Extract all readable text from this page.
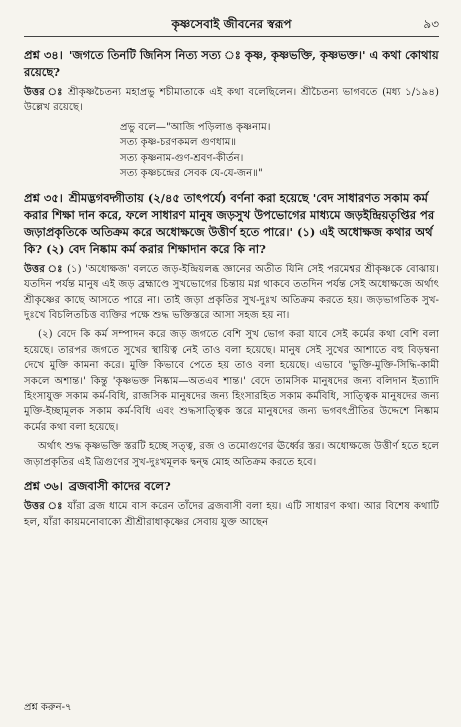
কৃষ্ণসেবাই জীবনের স্বরূপ	৯৩
প্রশ্ন ৩৪। 'জগতে তিনটি জিনিস নিত্য সত্য ঃ কৃষ্ণ, কৃষ্ণভক্তি, কৃষ্ণভক্ত।' এ কথা কোথায় রয়েছে?

উত্তর ঃ শ্রীকৃষ্ণচৈতন্য মহাপ্রভু শচীমাতাকে এই কথা বলেছিলেন। শ্রীচৈতন্য ভাগবতে (মধ্য ১/১৯৪) উল্লেখ রয়েছে।

প্রভু বলে—"আজি পড়িলাঙ কৃষ্ণনাম।
সত্য কৃষ্ণ-চরণকমল গুণধাম॥
সত্য কৃষ্ণনাম-গুণ-শ্রবণ-কীর্তন।
সত্য কৃষ্ণচন্দ্রের সেবক যে-যে-জন॥"
প্রশ্ন ৩৫। শ্রীমদ্ভগবদ্গীতায় (২/৪৫ তাৎপর্যে) বর্ণনা করা হয়েছে 'বেদ সাধারণত সকাম কর্ম করার শিক্ষা দান করে, ফলে সাধারণ মানুষ জড়সুখ উপভোগের মাধ্যমে জড়ইন্দ্রিয়তৃপ্তির পর জড়াপ্রকৃতিকে অতিক্রম করে অধোক্ষজে উত্তীর্ণ হতে পারে।' (১) এই অধোক্ষজ কথার অর্থ কি? (২) বেদ নিষ্কাম কর্ম করার শিক্ষাদান করে কি না?

উত্তর ঃ (১) 'অধোক্ষজ' বলতে জড়-ইন্দ্রিয়লব্ধ জ্ঞানের অতীত যিনি সেই পরমেশ্বর শ্রীকৃষ্ণকে বোঝায়। যতদিন পর্যন্ত মানুষ এই জড় ব্রহ্মাণ্ডে সুখভোগের চিন্তায় মগ্ন থাকবে ততদিন পর্যন্ত সেই অধোক্ষজে অর্থাৎ শ্রীকৃষ্ণের কাছে আসতে পারে না। তাই জড়া প্রকৃতির সুখ-দুঃখ অতিক্রম করতে হয়। জড়ভাগতিক সুখ-দুঃখে বিচলিতচিত্ত ব্যক্তির পক্ষে শুদ্ধ ভক্তিস্তরে আসা সহজ হয় না।

(২) বেদে কি কর্ম সম্পাদন করে জড় জগতে বেশি সুখ ভোগ করা যাবে সেই কর্মের কথা বেশি বলা হয়েছে। তারপর জগতে সুখের স্থায়িত্ব নেই তাও বলা হয়েছে। মানুষ সেই সুখের আশাতে বহু বিড়ম্বনা দেখে মুক্তি কামনা করে। মুক্তি কিভাবে পেতে হয় তাও বলা হয়েছে। এভাবে 'ভুক্তি-মুক্তি-সিদ্ধি-কামী সকলে অশান্ত।' কিন্তু 'কৃষ্ণভক্ত নিষ্কাম—অতএব শান্ত।' বেদে তামসিক মানুষদের জন্য বলিদান ইত্যাদি হিংসাযুক্ত সকাম কর্ম-বিধি, রাজসিক মানুষদের জন্য হিংসারহিত সকাম কর্মবিধি, সাত্ত্বিক মানুষদের জন্য মুক্তি-ইচ্ছামূলক সকাম কর্ম-বিধি এবং শুদ্ধসাত্ত্বিক স্তরে মানুষদের জন্য ভগবৎপ্রীতির উদ্দেশে নিষ্কাম কর্মের কথা বলা হয়েছে।

অর্থাৎ শুদ্ধ কৃষ্ণভক্তি স্তরটি হচ্ছে সত্ত্ব, রজ ও তমোগুণের ঊর্ধ্বের স্তর। অধোক্ষজে উত্তীর্ণ হতে হলে জড়াপ্রকৃতির এই ত্রিগুণের সুখ-দুঃখমূলক দ্বন্দ্ব মোহ অতিক্রম করতে হবে।

প্রশ্ন ৩৬। ব্রজবাসী কাদের বলে?

উত্তর ঃ যাঁরা ব্রজ ধামে বাস করেন তাঁদের ব্রজবাসী বলা হয়। এটি সাধারণ কথা। আর বিশেষ কথাটি হল, যাঁরা কায়মনোবাক্যে শ্রীশ্রীরাধাকৃষ্ণের সেবায় যুক্ত আছেন

প্রশ্ন করুন-৭
